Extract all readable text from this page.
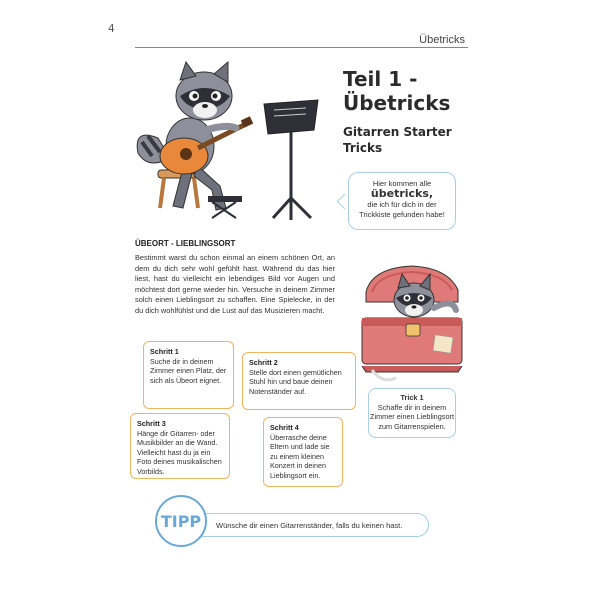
4
Übetricks
Teil 1 -
Übetricks
Gitarren Starter
Tricks
Hier kommen alle
übetricks,
die ich für dich in der
Trickkiste gefunden habe!
ÜBEORT - LIEBLINGSORT
Bestimmt warst du schon einmal an einem schönen Ort, an dem du dich sehr wohl gefühlt hast. Während du das hier liest, hast du vielleicht ein lebendiges Bild vor Augen und möchtest dort gerne wieder hin. Versuche in deinem Zimmer solch einen Lieblingsort zu schaffen. Eine Spielecke, in der du dich wohlfühlst und die Lust auf das Musizieren macht.
Schritt 1
Suche dir in deinem Zimmer einen Platz, der sich als Übeort eignet.
Schritt 2
Stelle dort einen gemütlichen Stuhl hin und baue deinen Notenständer auf.
Schritt 3
Hänge dir Gitarren- oder Musikbilder an die Wand. Vielleicht hast du ja ein Foto deines musikalischen Vorbilds.
Schritt 4
Überrasche deine Eltern und lade sie zu einem kleinen Konzert in deinen Lieblingsort ein.
Trick 1
Schaffe dir in deinem Zimmer einen Lieblingsort zum Gitarrenspielen.
Wünsche dir einen Gitarrenständer, falls du keinen hast.
TIPP
